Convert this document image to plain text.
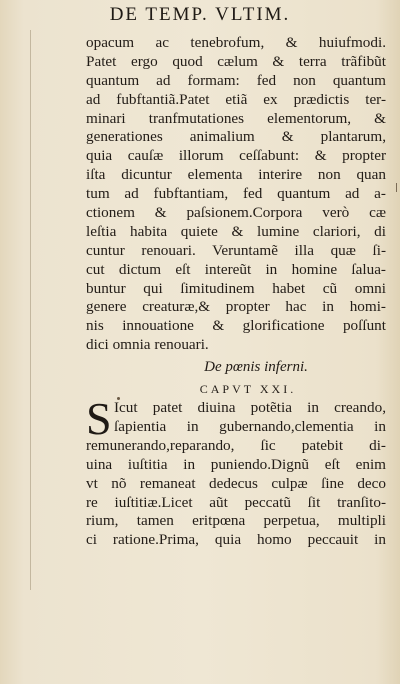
DE TEMP. VLTIM.
opacum ac tenebrofum, & huiufmodi.
Patet ergo quod cælum & terra trãfibũt
quantum ad formam: fed non quantum
ad fubftantiã.Patet etiã ex prædictis ter-
minari tranfmutationes elementorum, &
generationes animalium & plantarum,
quia cauſæ illorum ceſſabunt: & propter
iſta dicuntur elementa interire non quan
tum ad fubftantiam, fed quantum ad a-
ctionem & paſsionem.Corpora verò cæ
leſtia habita quiete & lumine clariori, di
cuntur renouari. Veruntamẽ illa quæ ſi-
cut dictum eſt intereũt in homine ſalua-
buntur qui ſimitudinem habet cũ omni
genere creaturæ,& propter hac in homi-
nis innouatione & glorificatione poſſunt
dici omnia renouari.
De pœnis inferni.
CAPVT XXI.
S Icut patet diuina potẽtia in creando,
ſapientia in gubernando,clementia in
remunerando,reparando, ſic patebit di-
uina iuſtitia in puniendo.Dignũ eſt enim
vt nõ remaneat dedecus culpæ ſine deco
re iuſtitiæ.Licet aũt peccatũ ſit tranſito-
rium, tamen eritpœna perpetua, multipli
ci ratione.Prima, quia homo peccauit in
